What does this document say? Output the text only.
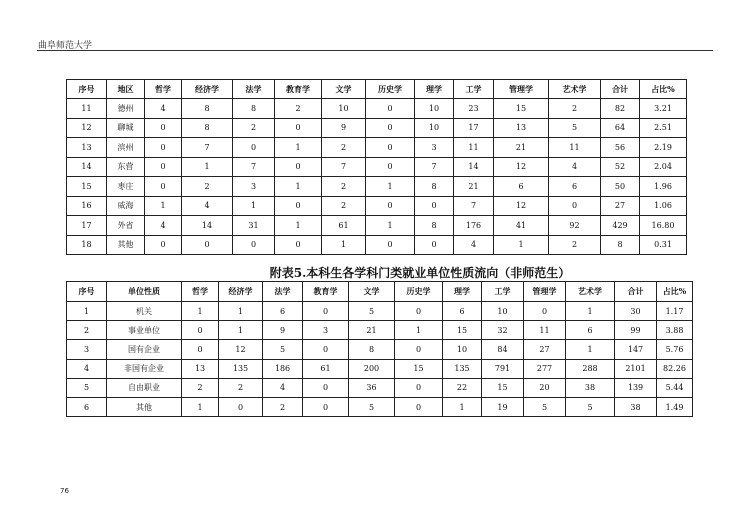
曲阜师范大学
序号	地区	哲学	经济学	法学	教育学	文学	历史学	理学	工学	管理学	艺术学	合计	占比%
11	德州	4	8	8	2	10	0	10	23	15	2	82	3.21
12	聊城	0	8	2	0	9	0	10	17	13	5	64	2.51
13	滨州	0	7	0	1	2	0	3	11	21	11	56	2.19
14	东营	0	1	7	0	7	0	7	14	12	4	52	2.04
15	枣庄	0	2	3	1	2	1	8	21	6	6	50	1.96
16	威海	1	4	1	0	2	0	0	7	12	0	27	1.06
17	外省	4	14	31	1	61	1	8	176	41	92	429	16.80
18	其他	0	0	0	0	1	0	0	4	1	2	8	0.31
附表5.本科生各学科门类就业单位性质流向（非师范生）
序号	单位性质	哲学	经济学	法学	教育学	文学	历史学	理学	工学	管理学	艺术学	合计	占比%
1	机关	1	1	6	0	5	0	6	10	0	1	30	1.17
2	事业单位	0	1	9	3	21	1	15	32	11	6	99	3.88
3	国有企业	0	12	5	0	8	0	10	84	27	1	147	5.76
4	非国有企业	13	135	186	61	200	15	135	791	277	288	2101	82.26
5	自由职业	2	2	4	0	36	0	22	15	20	38	139	5.44
6	其他	1	0	2	0	5	0	1	19	5	5	38	1.49
76
